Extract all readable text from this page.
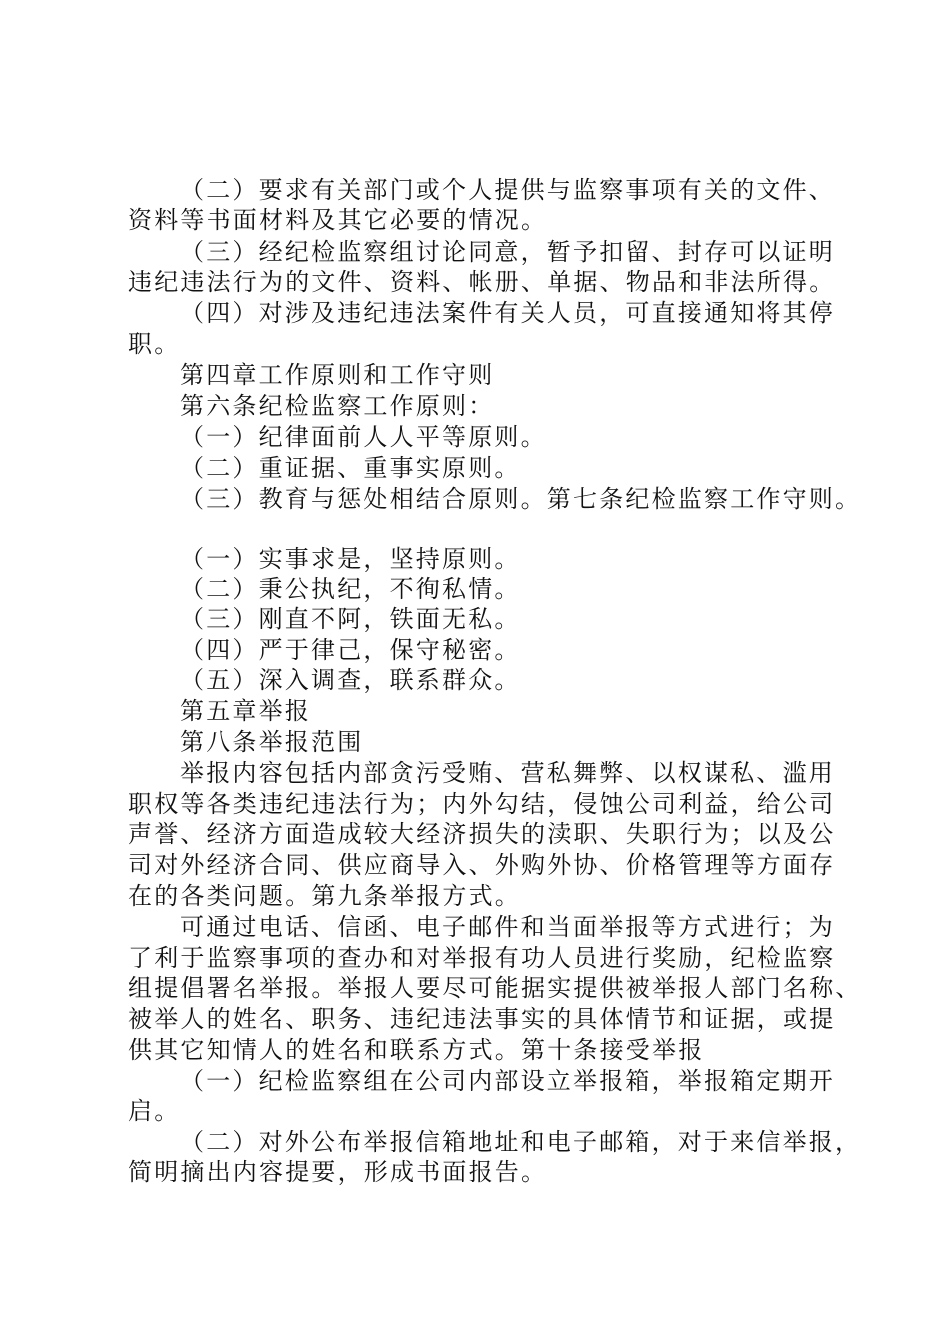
（二）要求有关部门或个人提供与监察事项有关的文件、
资料等书面材料及其它必要的情况。
（三）经纪检监察组讨论同意，暂予扣留、封存可以证明
违纪违法行为的文件、资料、帐册、单据、物品和非法所得。
（四）对涉及违纪违法案件有关人员，可直接通知将其停
职。
第四章工作原则和工作守则
第六条纪检监察工作原则：
（一）纪律面前人人平等原则。
（二）重证据、重事实原则。
（三）教育与惩处相结合原则。第七条纪检监察工作守则。
（一）实事求是，坚持原则。
（二）秉公执纪，不徇私情。
（三）刚直不阿，铁面无私。
（四）严于律己，保守秘密。
（五）深入调查，联系群众。
第五章举报
第八条举报范围
举报内容包括内部贪污受贿、营私舞弊、以权谋私、滥用
职权等各类违纪违法行为；内外勾结，侵蚀公司利益，给公司
声誉、经济方面造成较大经济损失的渎职、失职行为；以及公
司对外经济合同、供应商导入、外购外协、价格管理等方面存
在的各类问题。第九条举报方式。
可通过电话、信函、电子邮件和当面举报等方式进行；为
了利于监察事项的查办和对举报有功人员进行奖励，纪检监察
组提倡署名举报。举报人要尽可能据实提供被举报人部门名称、
被举人的姓名、职务、违纪违法事实的具体情节和证据，或提
供其它知情人的姓名和联系方式。第十条接受举报
（一）纪检监察组在公司内部设立举报箱，举报箱定期开
启。
（二）对外公布举报信箱地址和电子邮箱，对于来信举报，
简明摘出内容提要，形成书面报告。
